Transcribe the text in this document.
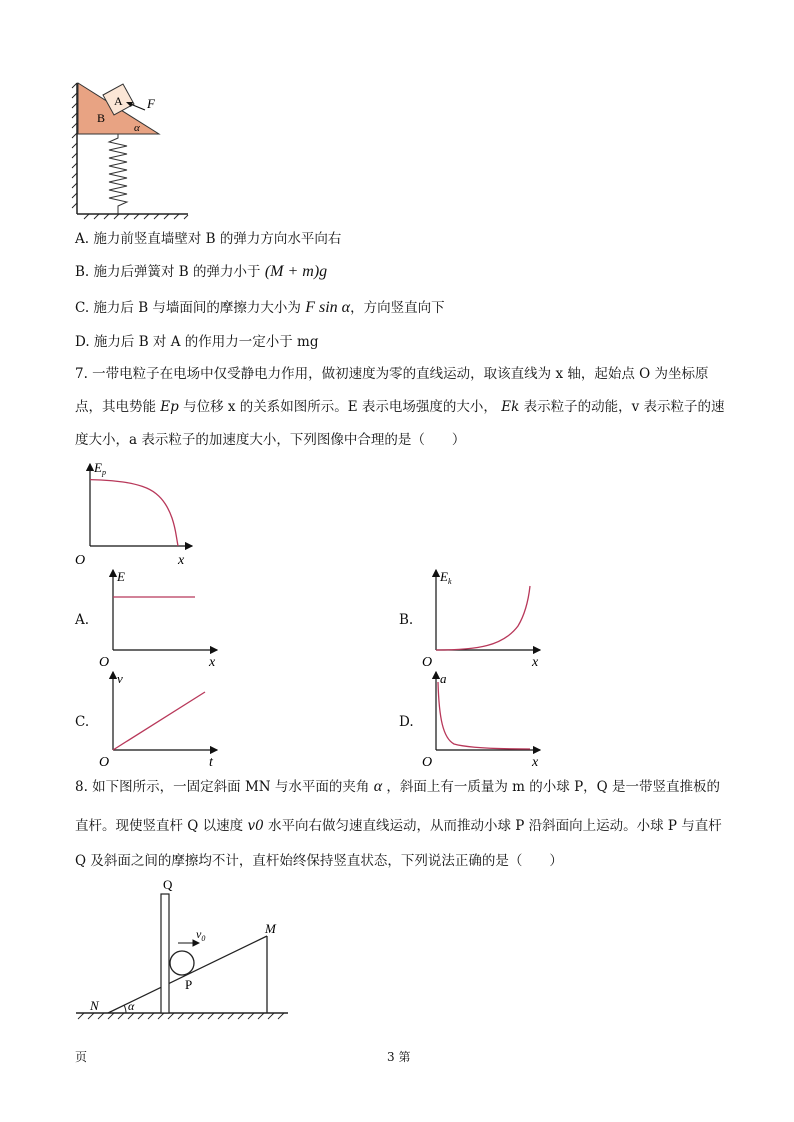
A
B
F
α
A. 施力前竖直墙壁对 B 的弹力方向水平向右
B. 施力后弹簧对 B 的弹力小于 (M + m)g
C. 施力后 B 与墙面间的摩擦力大小为 F sin α，方向竖直向下
D. 施力后 B 对 A 的作用力一定小于 mg
7. 一带电粒子在电场中仅受静电力作用，做初速度为零的直线运动，取该直线为 x 轴，起始点 O 为坐标原
点，其电势能 Ep 与位移 x 的关系如图所示。E 表示电场强度的大小， Ek 表示粒子的动能，v 表示粒子的速
度大小，a 表示粒子的加速度大小，下列图像中合理的是（　　）
$E_p$
x
O
A.
E
x
O
B.
$E_k$
x
O
C.
v
t
O
D.
a
x
O
8. 如下图所示，一固定斜面 MN 与水平面的夹角 α ，斜面上有一质量为 m 的小球 P，Q 是一带竖直推板的
直杆。现使竖直杆 Q 以速度 v0 水平向右做匀速直线运动，从而推动小球 P 沿斜面向上运动。小球 P 与直杆
Q 及斜面之间的摩擦均不计，直杆始终保持竖直状态，下列说法正确的是（　　）
Q
P
M
N α
$v_0$
页	3 第
